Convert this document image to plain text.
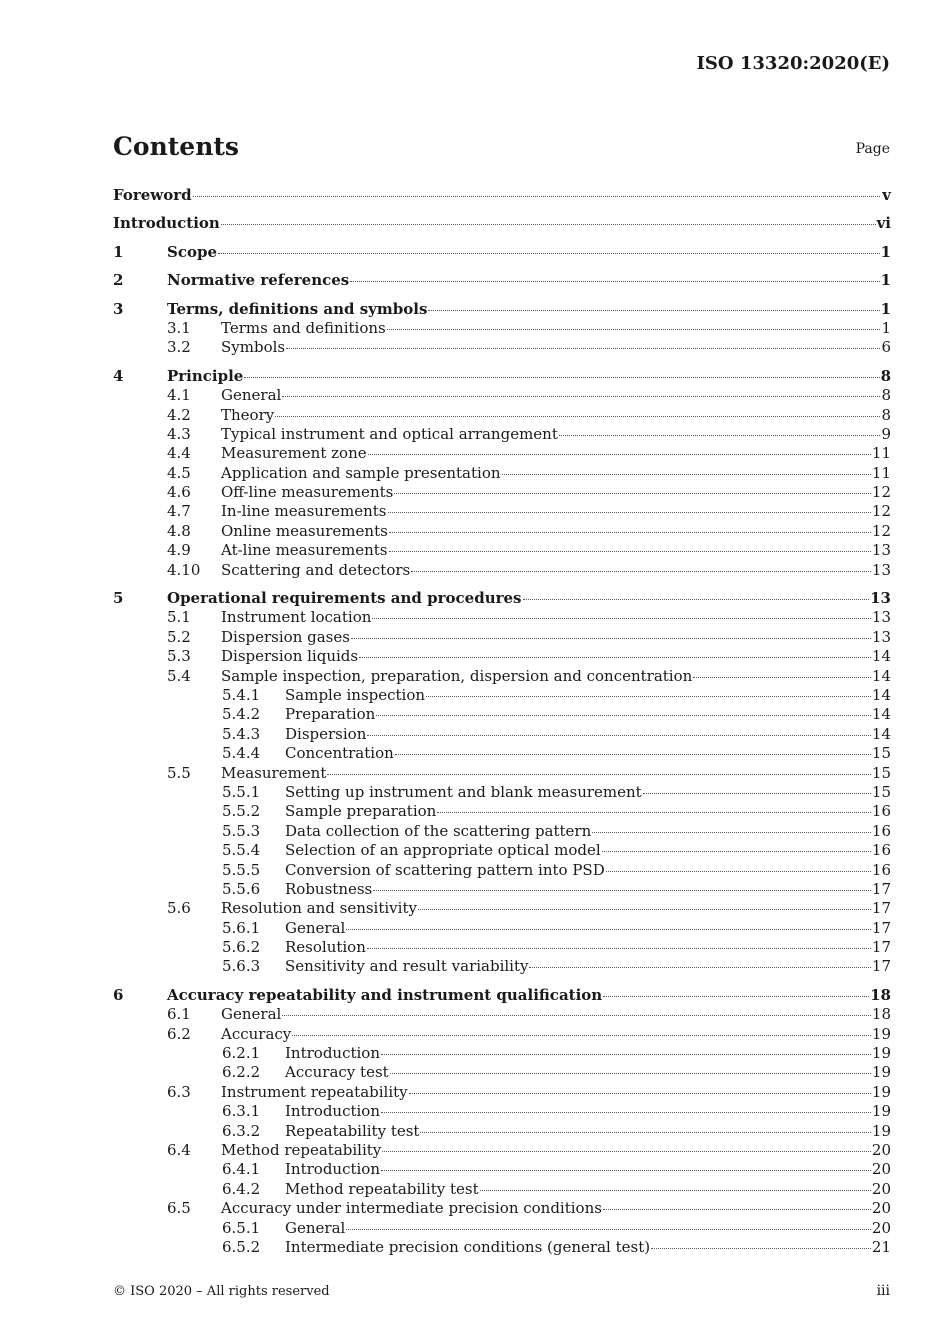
ISO 13320:2020(E)
Contents	Page
Foreword	v
Introduction	vi
1	Scope	1
2	Normative references	1
3	Terms, definitions and symbols	1
3.1	Terms and definitions	1
3.2	Symbols	6
4	Principle	8
4.1	General	8
4.2	Theory	8
4.3	Typical instrument and optical arrangement	9
4.4	Measurement zone	11
4.5	Application and sample presentation	11
4.6	Off-line measurements	12
4.7	In-line measurements	12
4.8	Online measurements	12
4.9	At-line measurements	13
4.10	Scattering and detectors	13
5	Operational requirements and procedures	13
5.1	Instrument location	13
5.2	Dispersion gases	13
5.3	Dispersion liquids	14
5.4	Sample inspection, preparation, dispersion and concentration	14
5.4.1	Sample inspection	14
5.4.2	Preparation	14
5.4.3	Dispersion	14
5.4.4	Concentration	15
5.5	Measurement	15
5.5.1	Setting up instrument and blank measurement	15
5.5.2	Sample preparation	16
5.5.3	Data collection of the scattering pattern	16
5.5.4	Selection of an appropriate optical model	16
5.5.5	Conversion of scattering pattern into PSD	16
5.5.6	Robustness	17
5.6	Resolution and sensitivity	17
5.6.1	General	17
5.6.2	Resolution	17
5.6.3	Sensitivity and result variability	17
6	Accuracy repeatability and instrument qualification	18
6.1	General	18
6.2	Accuracy	19
6.2.1	Introduction	19
6.2.2	Accuracy test	19
6.3	Instrument repeatability	19
6.3.1	Introduction	19
6.3.2	Repeatability test	19
6.4	Method repeatability	20
6.4.1	Introduction	20
6.4.2	Method repeatability test	20
6.5	Accuracy under intermediate precision conditions	20
6.5.1	General	20
6.5.2	Intermediate precision conditions (general test)	21
© ISO 2020 – All rights reserved	iii
